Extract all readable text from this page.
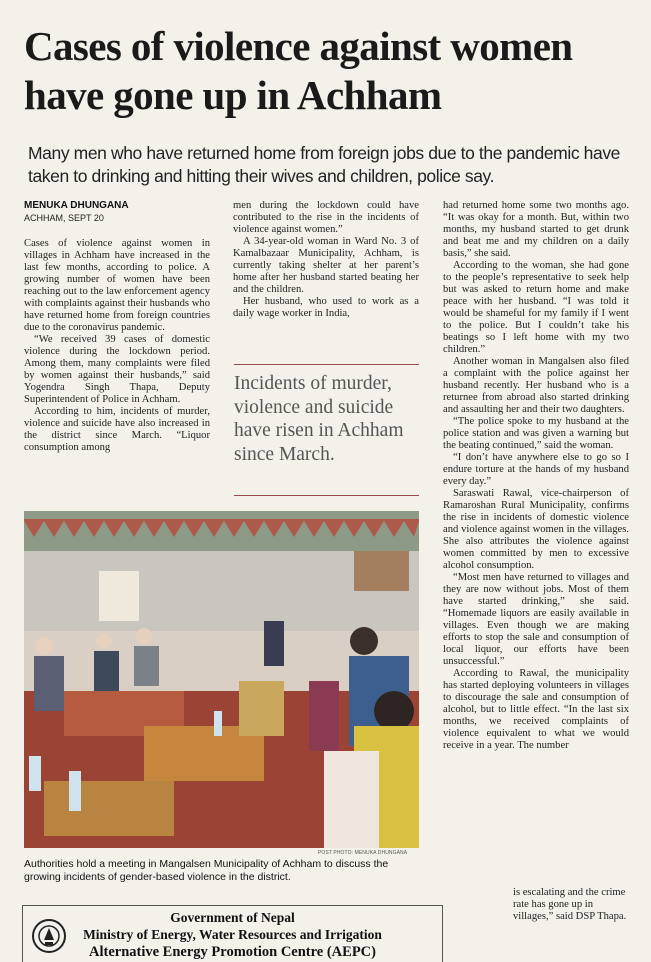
Cases of violence against women
have gone up in Achham
Many men who have returned home from foreign jobs due to the pandemic have taken to drinking and hitting their wives and children, police say.
MENUKA DHUNGANA
ACHHAM, SEPT 20

Cases of violence against women in villages in Achham have increased in the last few months, according to police. A growing number of women have been reaching out to the law enforcement agency with complaints against their husbands who have returned home from foreign countries due to the coronavirus pandemic.

“We received 39 cases of domestic violence during the lockdown period. Among them, many complaints were filed by women against their husbands,” said Yogendra Singh Thapa, Deputy Superintendent of Police in Achham.

According to him, incidents of murder, violence and suicide have also increased in the district since March. “Liquor consumption among

men during the lockdown could have contributed to the rise in the incidents of violence against women.”

A 34-year-old woman in Ward No. 3 of Kamalbazaar Municipality, Achham, is currently taking shelter at her parent’s home after her husband started beating her and the children.

Her husband, who used to work as a daily wage worker in India,

Incidents of murder, violence and suicide have risen in Achham since March.

had returned home some two months ago. “It was okay for a month. But, within two months, my husband started to get drunk and beat me and my children on a daily basis,” she said.

According to the woman, she had gone to the people’s representative to seek help but was asked to return home and make peace with her husband. “I was told it would be shameful for my family if I went to the police. But I couldn’t take his beatings so I left home with my two children.”

Another woman in Mangalsen also filed a complaint with the police against her husband recently. Her husband who is a returnee from abroad also started drinking and assaulting her and their two daughters.

“The police spoke to my husband at the police station and was given a warning but the beating continued,” said the woman.

“I don’t have anywhere else to go so I endure torture at the hands of my husband every day.”

Saraswati Rawal, vice-chairperson of Ramaroshan Rural Municipality, confirms the rise in incidents of domestic violence and violence against women in the villages. She also attributes the violence against women committed by men to excessive alcohol consumption.

“Most men have returned to villages and they are now without jobs. Most of them have started drinking,” she said. “Homemade liquors are easily available in villages. Even though we are making efforts to stop the sale and consumption of local liquor, our efforts have been unsuccessful.”

According to Rawal, the municipality has started deploying volunteers in villages to discourage the sale and consumption of alcohol, but to little effect. “In the last six months, we received complaints of violence equivalent to what we would receive in a year. The number

is escalating and the crime rate has gone up in villages,” said DSP Thapa.
POST PHOTO: MENUKA DHUNGANA
Authorities hold a meeting in Mangalsen Municipality of Achham to discuss the growing incidents of gender-based violence in the district.
Government of Nepal
Ministry of Energy, Water Resources and Irrigation
Alternative Energy Promotion Centre (AEPC)
